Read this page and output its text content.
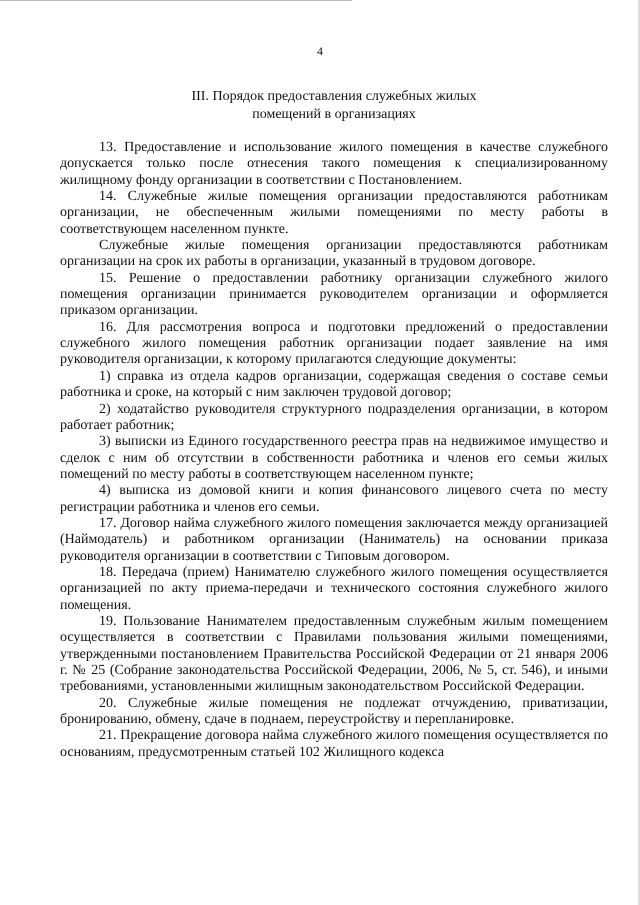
4
III. Порядок предоставления служебных жилых
помещений в организациях

13. Предоставление и использование жилого помещения в качестве служебного допускается только после отнесения такого помещения к специализированному жилищному фонду организации в соответствии с Постановлением.

14. Служебные жилые помещения организации предоставляются работникам организации, не обеспеченным жилыми помещениями по месту работы в соответствующем населенном пункте.

Служебные жилые помещения организации предоставляются работникам организации на срок их работы в организации, указанный в трудовом договоре.

15. Решение о предоставлении работнику организации служебного жилого помещения организации принимается руководителем организации и оформляется приказом организации.

16. Для рассмотрения вопроса и подготовки предложений о предоставлении служебного жилого помещения работник организации подает заявление на имя руководителя организации, к которому прилагаются следующие документы:

1) справка из отдела кадров организации, содержащая сведения о составе семьи работника и сроке, на который с ним заключен трудовой договор;

2) ходатайство руководителя структурного подразделения организации, в котором работает работник;

3) выписки из Единого государственного реестра прав на недвижимое имущество и сделок с ним об отсутствии в собственности работника и членов его семьи жилых помещений по месту работы в соответствующем населенном пункте;

4) выписка из домовой книги и копия финансового лицевого счета по месту регистрации работника и членов его семьи.

17. Договор найма служебного жилого помещения заключается между организацией (Наймодатель) и работником организации (Наниматель) на основании приказа руководителя организации в соответствии с Типовым договором.

18. Передача (прием) Нанимателю служебного жилого помещения осуществляется организацией по акту приема-передачи и технического состояния служебного жилого помещения.

19. Пользование Нанимателем предоставленным служебным жилым помещением осуществляется в соответствии с Правилами пользования жилыми помещениями, утвержденными постановлением Правительства Российской Федерации от 21 января 2006 г. № 25 (Собрание законодательства Российской Федерации, 2006, № 5, ст. 546), и иными требованиями, установленными жилищным законодательством Российской Федерации.

20. Служебные жилые помещения не подлежат отчуждению, приватизации, бронированию, обмену, сдаче в поднаем, переустройству и перепланировке.

21. Прекращение договора найма служебного жилого помещения осуществляется по основаниям, предусмотренным статьей 102 Жилищного кодекса
